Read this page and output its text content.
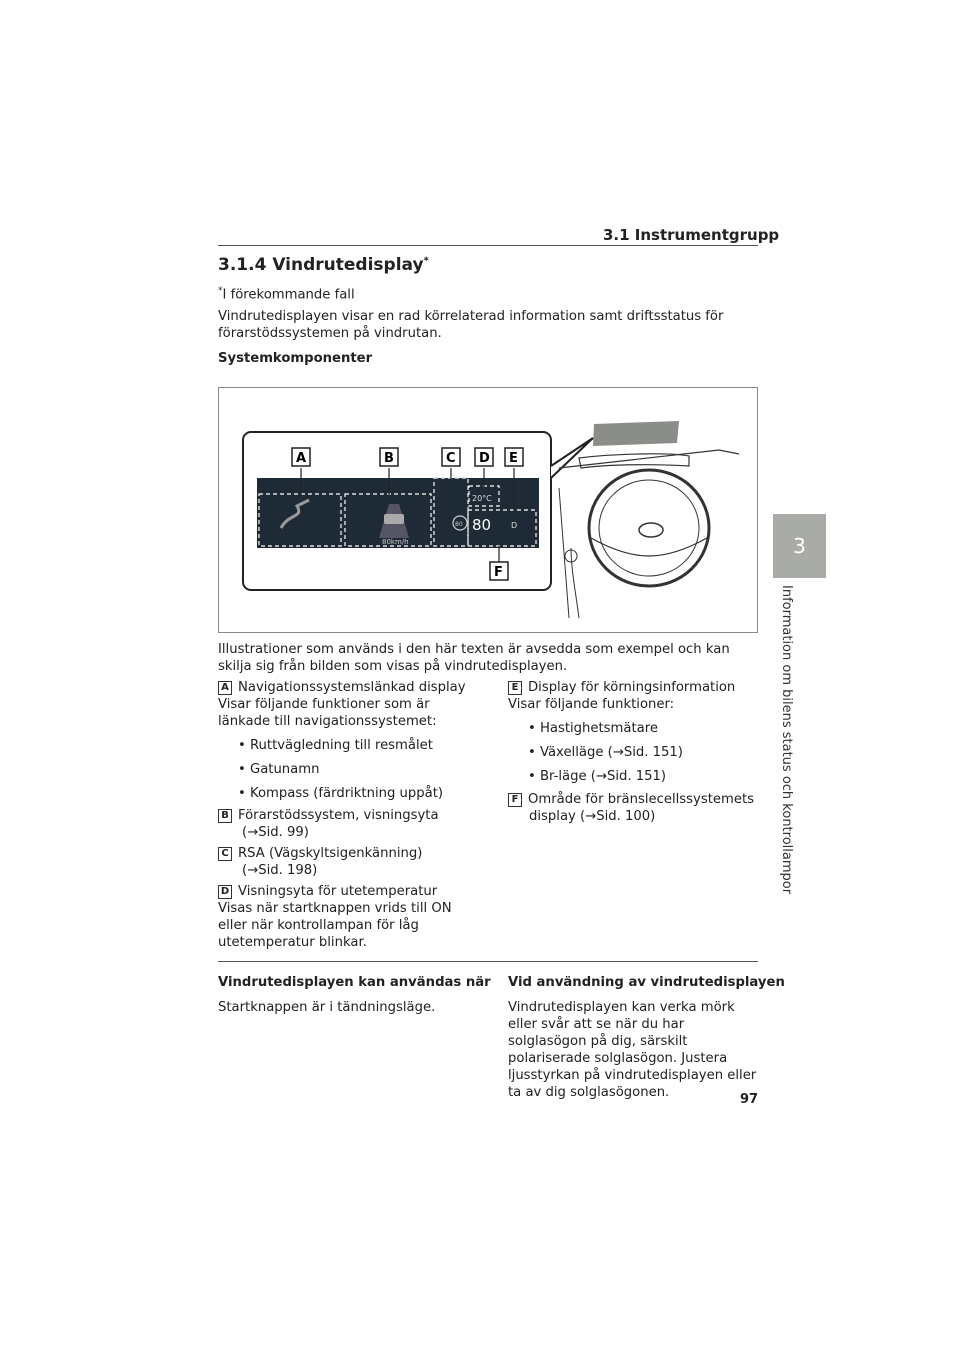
3.1 Instrumentgrupp
3.1.4 Vindrutedisplay*
*I förekommande fall
Vindrutedisplayen visar en rad körrelaterad information samt driftsstatus för förarstödssystemen på vindrutan.
Systemkomponenter
80km/h
80
20°C
80 D
A	B	C D E
F
Illustrationer som används i den här texten är avsedda som exempel och kan skilja sig från bilden som visas på vindrutedisplayen.
A Navigationssystemslänkad display
Visar följande funktioner som är länkade till navigationssystemet:
• Ruttvägledning till resmålet
• Gatunamn
• Kompass (färdriktning uppåt)
B Förarstödssystem, visningsyta
(→Sid. 99)
C RSA (Vägskyltsigenkänning)
(→Sid. 198)
D Visningsyta för utetemperatur
Visas när startknappen vrids till ON eller när kontrollampan för låg utetemperatur blinkar.
E Display för körningsinformation
Visar följande funktioner:
• Hastighetsmätare
• Växelläge (→Sid. 151)
• Br-läge (→Sid. 151)
F Område för bränslecellssystemets
display (→Sid. 100)
Vindrutedisplayen kan användas när
Startknappen är i tändningsläge.
Vid användning av vindrutedisplayen
Vindrutedisplayen kan verka mörk eller svår att se när du har solglasögon på dig, särskilt polariserade solglasögon. Justera ljusstyrkan på vindrutedisplayen eller ta av dig solglasögonen.
3
Information om bilens status och kontrollampor
97
